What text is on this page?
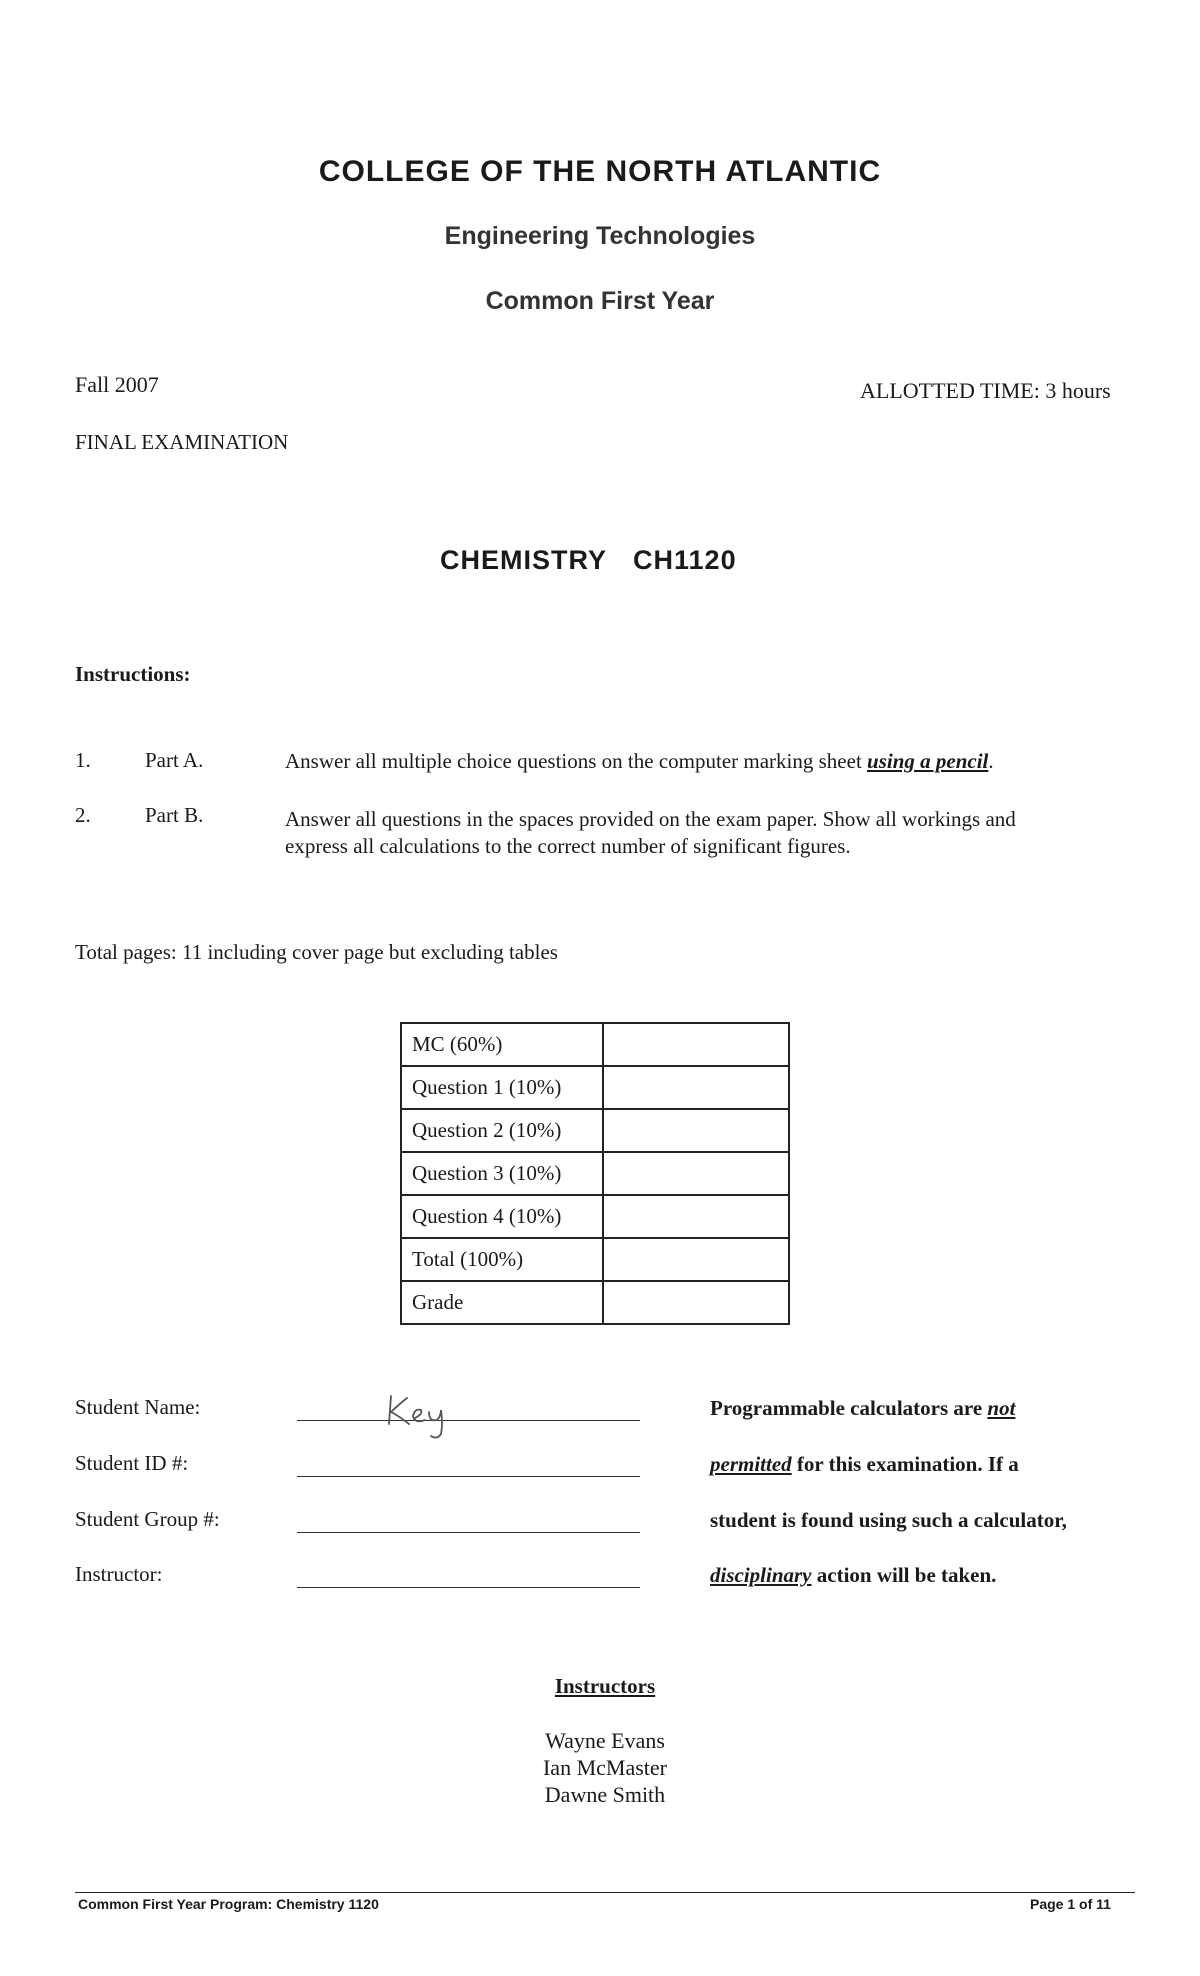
COLLEGE OF THE NORTH ATLANTIC
Engineering Technologies
Common First Year
Fall 2007	ALLOTTED TIME: 3 hours
FINAL EXAMINATION
CHEMISTRY CH1120
Instructions:
1.	Part A.	Answer all multiple choice questions on the computer marking sheet using a pencil.
2.	Part B.	Answer all questions in the spaces provided on the exam paper. Show all workings and
express all calculations to the correct number of significant figures.
Total pages: 11 including cover page but excluding tables
MC (60%)	
Question 1 (10%)	
Question 2 (10%)	
Question 3 (10%)	
Question 4 (10%)	
Total (100%)	
Grade	
Student Name:
Student ID #:
Student Group #:
Instructor:
Programmable calculators are not
permitted for this examination. If a
student is found using such a calculator,
disciplinary action will be taken.
Instructors
Wayne Evans
Ian McMaster
Dawne Smith
Common First Year Program: Chemistry 1120	Page 1 of 11
